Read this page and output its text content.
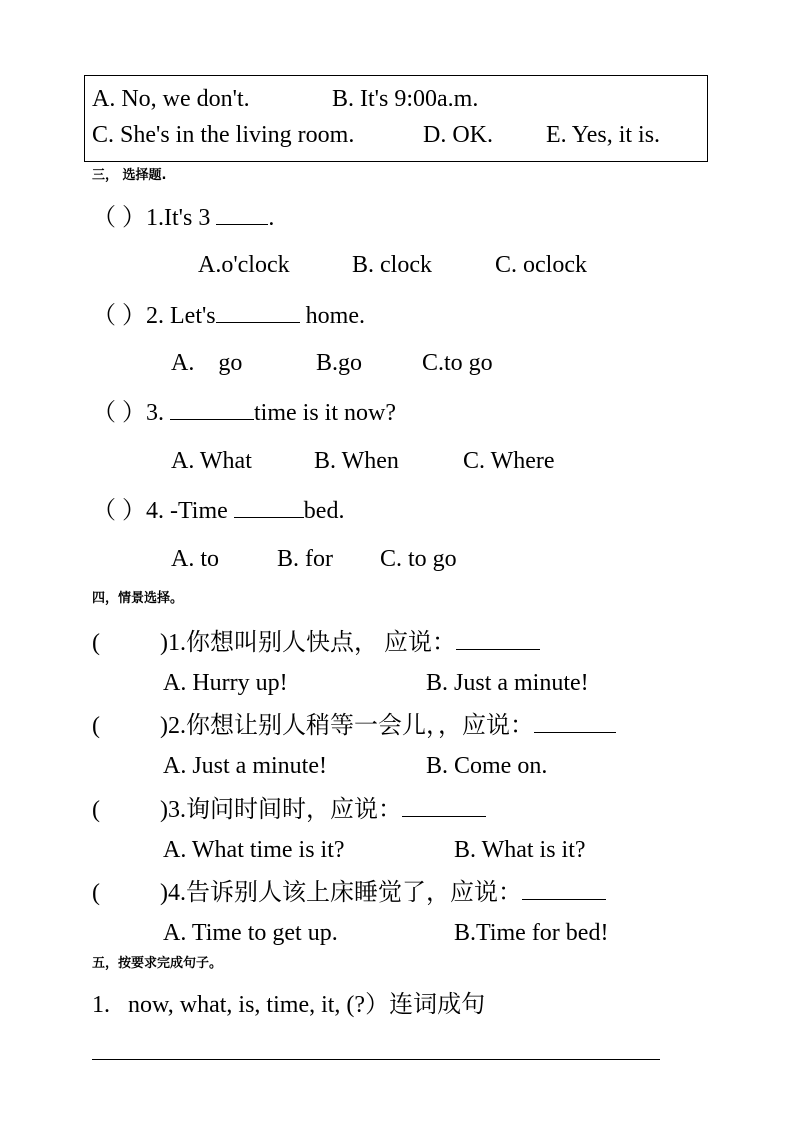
A. No, we don't.	B. It's 9:00a.m.
C. She's in the living room.	D. OK. E. Yes, it is.
三， 选择题.
（ ）1.It's 3 .
A.o'clock	B. clock	C. oclock
（ ）2. Let's	home.
A.    go	B.go C.to go
（ ）3.	time is it now?
A. What	B. When	C. Where
（ ）4. -Time	bed.
A. to B. for C. to go
四，情景选择。
(          )1.你想叫别人快点， 应说：
A. Hurry up!	B. Just a minute!
(          )2.你想让别人稍等一会儿，，应说：
A. Just a minute!	B. Come on.
(          )3.询问时间时，应说：
A. What time is it?	B. What is it?
(          )4.告诉别人该上床睡觉了，应说：
A. Time to get up.	B.Time for bed!
五，按要求完成句子。
1.   now, what, is, time, it, (?）连词成句
